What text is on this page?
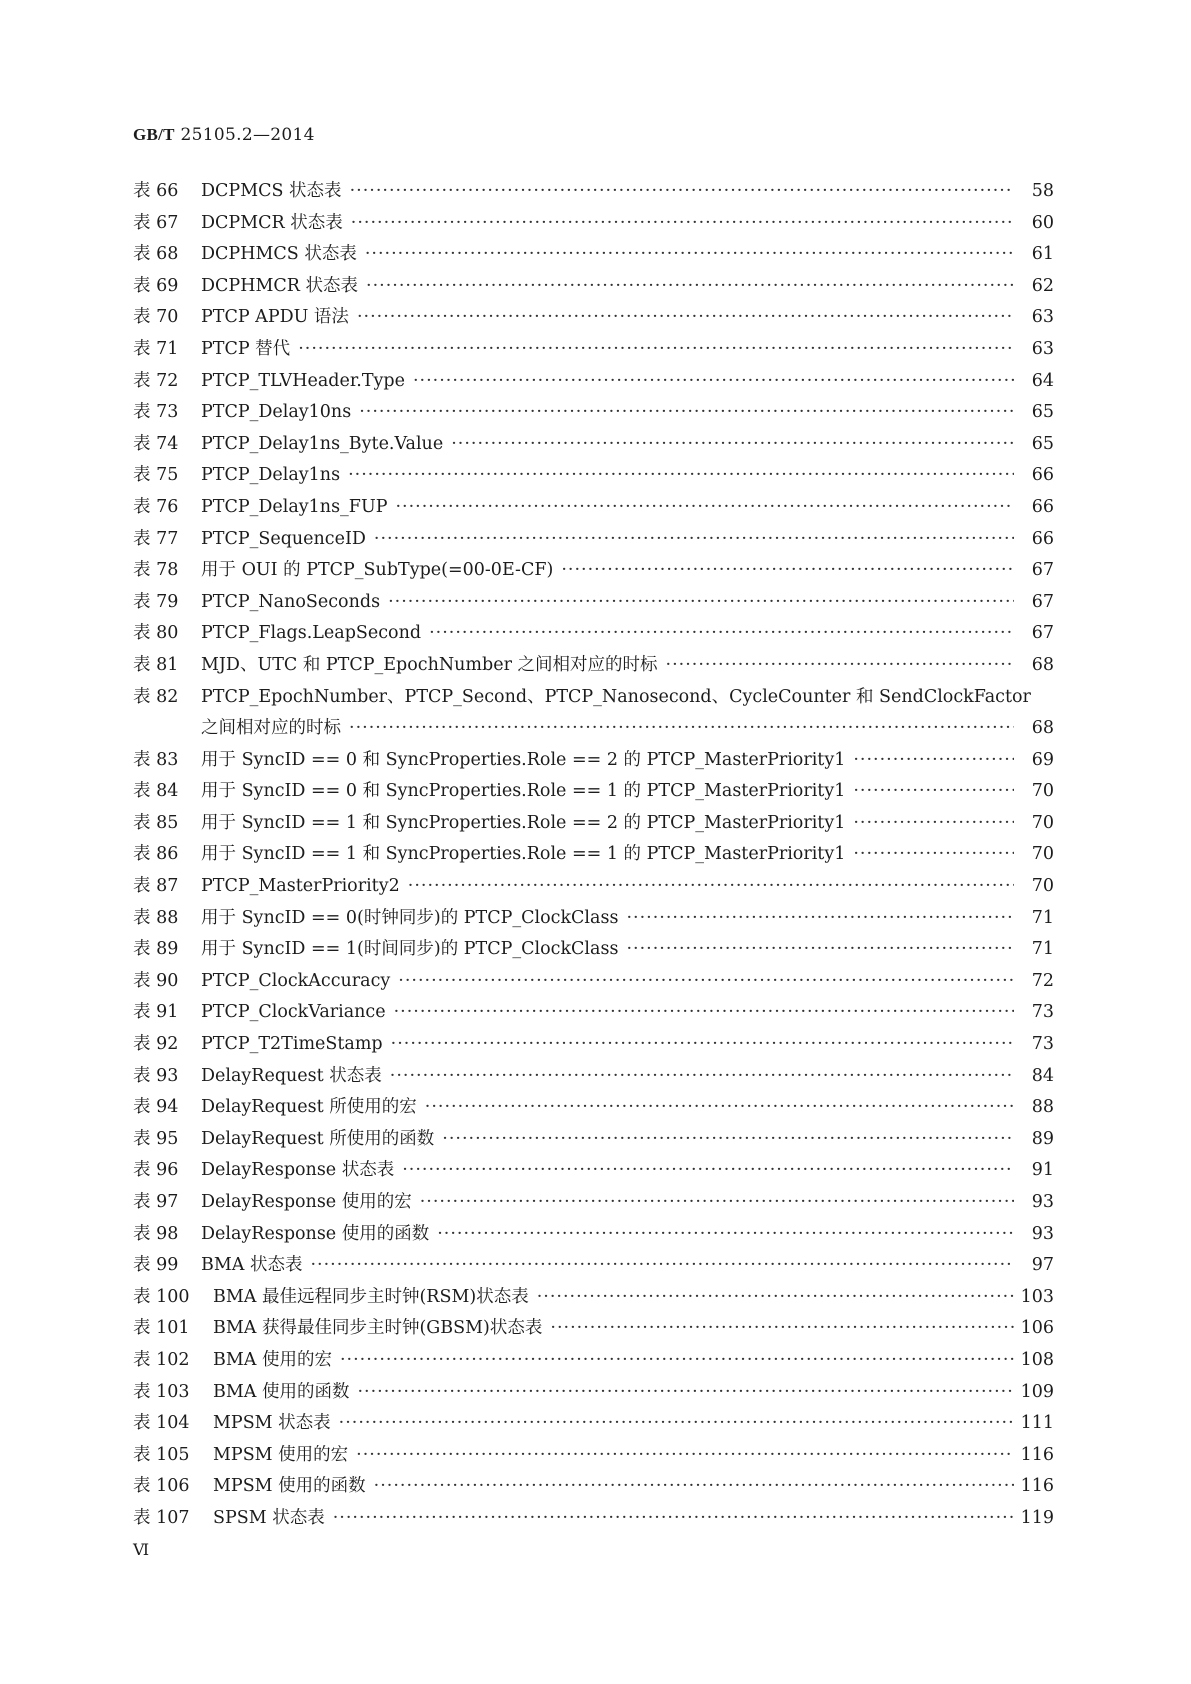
GB/T 25105.2—2014
表 66	DCPMCS 状态表 ·····	58
表 67	DCPMCR 状态表 ·····	60
表 68	DCPHMCS 状态表 ·····	61
表 69	DCPHMCR 状态表 ·····	62
表 70	PTCP APDU 语法 ·····	63
表 71	PTCP 替代 ·····	63
表 72	PTCP_TLVHeader.Type ·····	64
表 73	PTCP_Delay10ns ·····	65
表 74	PTCP_Delay1ns_Byte.Value ·····	65
表 75	PTCP_Delay1ns ·····	66
表 76	PTCP_Delay1ns_FUP ·····	66
表 77	PTCP_SequenceID ·····	66
表 78	用于 OUI 的 PTCP_SubType(=00-0E-CF) ·····	67
表 79	PTCP_NanoSeconds ·····	67
表 80	PTCP_Flags.LeapSecond ·····	67
表 81	MJD、UTC 和 PTCP_EpochNumber 之间相对应的时标 ·····	68
表 82	PTCP_EpochNumber、PTCP_Second、PTCP_Nanosecond、CycleCounter 和 SendClockFactor
之间相对应的时标 ·····	68
表 83	用于 SyncID == 0 和 SyncProperties.Role == 2 的 PTCP_MasterPriority1 ·····	69
表 84	用于 SyncID == 0 和 SyncProperties.Role == 1 的 PTCP_MasterPriority1 ·····	70
表 85	用于 SyncID == 1 和 SyncProperties.Role == 2 的 PTCP_MasterPriority1 ·····	70
表 86	用于 SyncID == 1 和 SyncProperties.Role == 1 的 PTCP_MasterPriority1 ·····	70
表 87	PTCP_MasterPriority2 ·····	70
表 88	用于 SyncID == 0(时钟同步)的 PTCP_ClockClass ·····	71
表 89	用于 SyncID == 1(时间同步)的 PTCP_ClockClass ·····	71
表 90	PTCP_ClockAccuracy ·····	72
表 91	PTCP_ClockVariance ·····	73
表 92	PTCP_T2TimeStamp ·····	73
表 93	DelayRequest 状态表 ·····	84
表 94	DelayRequest 所使用的宏 ·····	88
表 95	DelayRequest 所使用的函数 ·····	89
表 96	DelayResponse 状态表 ·····	91
表 97	DelayResponse 使用的宏 ·····	93
表 98	DelayResponse 使用的函数 ·····	93
表 99	BMA 状态表 ·····	97
表 100	BMA 最佳远程同步主时钟(RSM)状态表 ·····	103
表 101	BMA 获得最佳同步主时钟(GBSM)状态表 ·····	106
表 102	BMA 使用的宏 ·····	108
表 103	BMA 使用的函数 ·····	109
表 104	MPSM 状态表 ·····	111
表 105	MPSM 使用的宏 ·····	116
表 106	MPSM 使用的函数 ·····	116
表 107	SPSM 状态表 ·····	119
Ⅵ
